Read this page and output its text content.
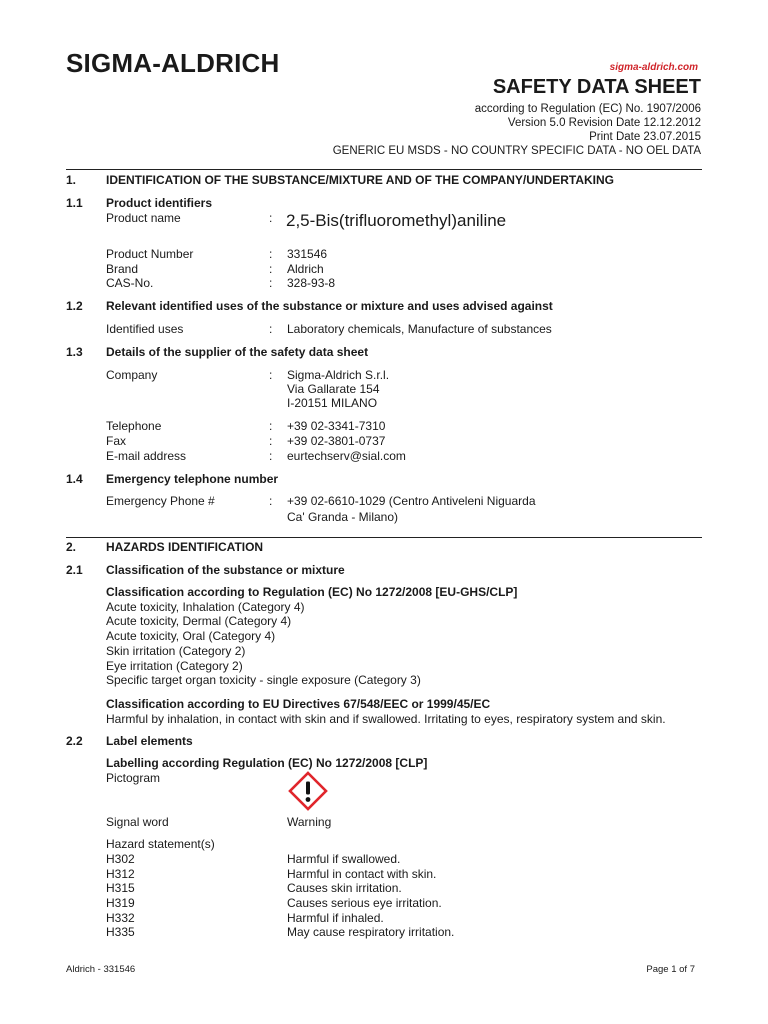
SIGMA-ALDRICH	sigma-aldrich.com
SAFETY DATA SHEET
according to Regulation (EC) No. 1907/2006
Version 5.0 Revision Date 12.12.2012
Print Date 23.07.2015
GENERIC EU MSDS - NO COUNTRY SPECIFIC DATA - NO OEL DATA
1. IDENTIFICATION OF THE SUBSTANCE/MIXTURE AND OF THE COMPANY/UNDERTAKING
1.1 Product identifiers
Product name	: 2,5-Bis(trifluoromethyl)aniline
Product Number	: 331546
Brand	: Aldrich
CAS-No.	: 328-93-8
1.2 Relevant identified uses of the substance or mixture and uses advised against
Identified uses	: Laboratory chemicals, Manufacture of substances
1.3 Details of the supplier of the safety data sheet
Company	: Sigma-Aldrich S.r.l.
Via Gallarate 154
I-20151 MILANO
Telephone	: +39 02-3341-7310
Fax	: +39 02-3801-0737
E-mail address	: eurtechserv@sial.com
1.4 Emergency telephone number
Emergency Phone #	: +39 02-6610-1029 (Centro Antiveleni Niguarda
Ca' Granda - Milano)
2. HAZARDS IDENTIFICATION
2.1 Classification of the substance or mixture
Classification according to Regulation (EC) No 1272/2008 [EU-GHS/CLP]
Acute toxicity, Inhalation (Category 4)
Acute toxicity, Dermal (Category 4)
Acute toxicity, Oral (Category 4)
Skin irritation (Category 2)
Eye irritation (Category 2)
Specific target organ toxicity - single exposure (Category 3)
Classification according to EU Directives 67/548/EEC or 1999/45/EC
Harmful by inhalation, in contact with skin and if swallowed. Irritating to eyes, respiratory system and skin.
2.2 Label elements
Labelling according Regulation (EC) No 1272/2008 [CLP]
Pictogram
Signal word	Warning
Hazard statement(s)
H302	Harmful if swallowed.
H312	Harmful in contact with skin.
H315	Causes skin irritation.
H319	Causes serious eye irritation.
H332	Harmful if inhaled.
H335	May cause respiratory irritation.
Aldrich - 331546	Page 1 of 7
